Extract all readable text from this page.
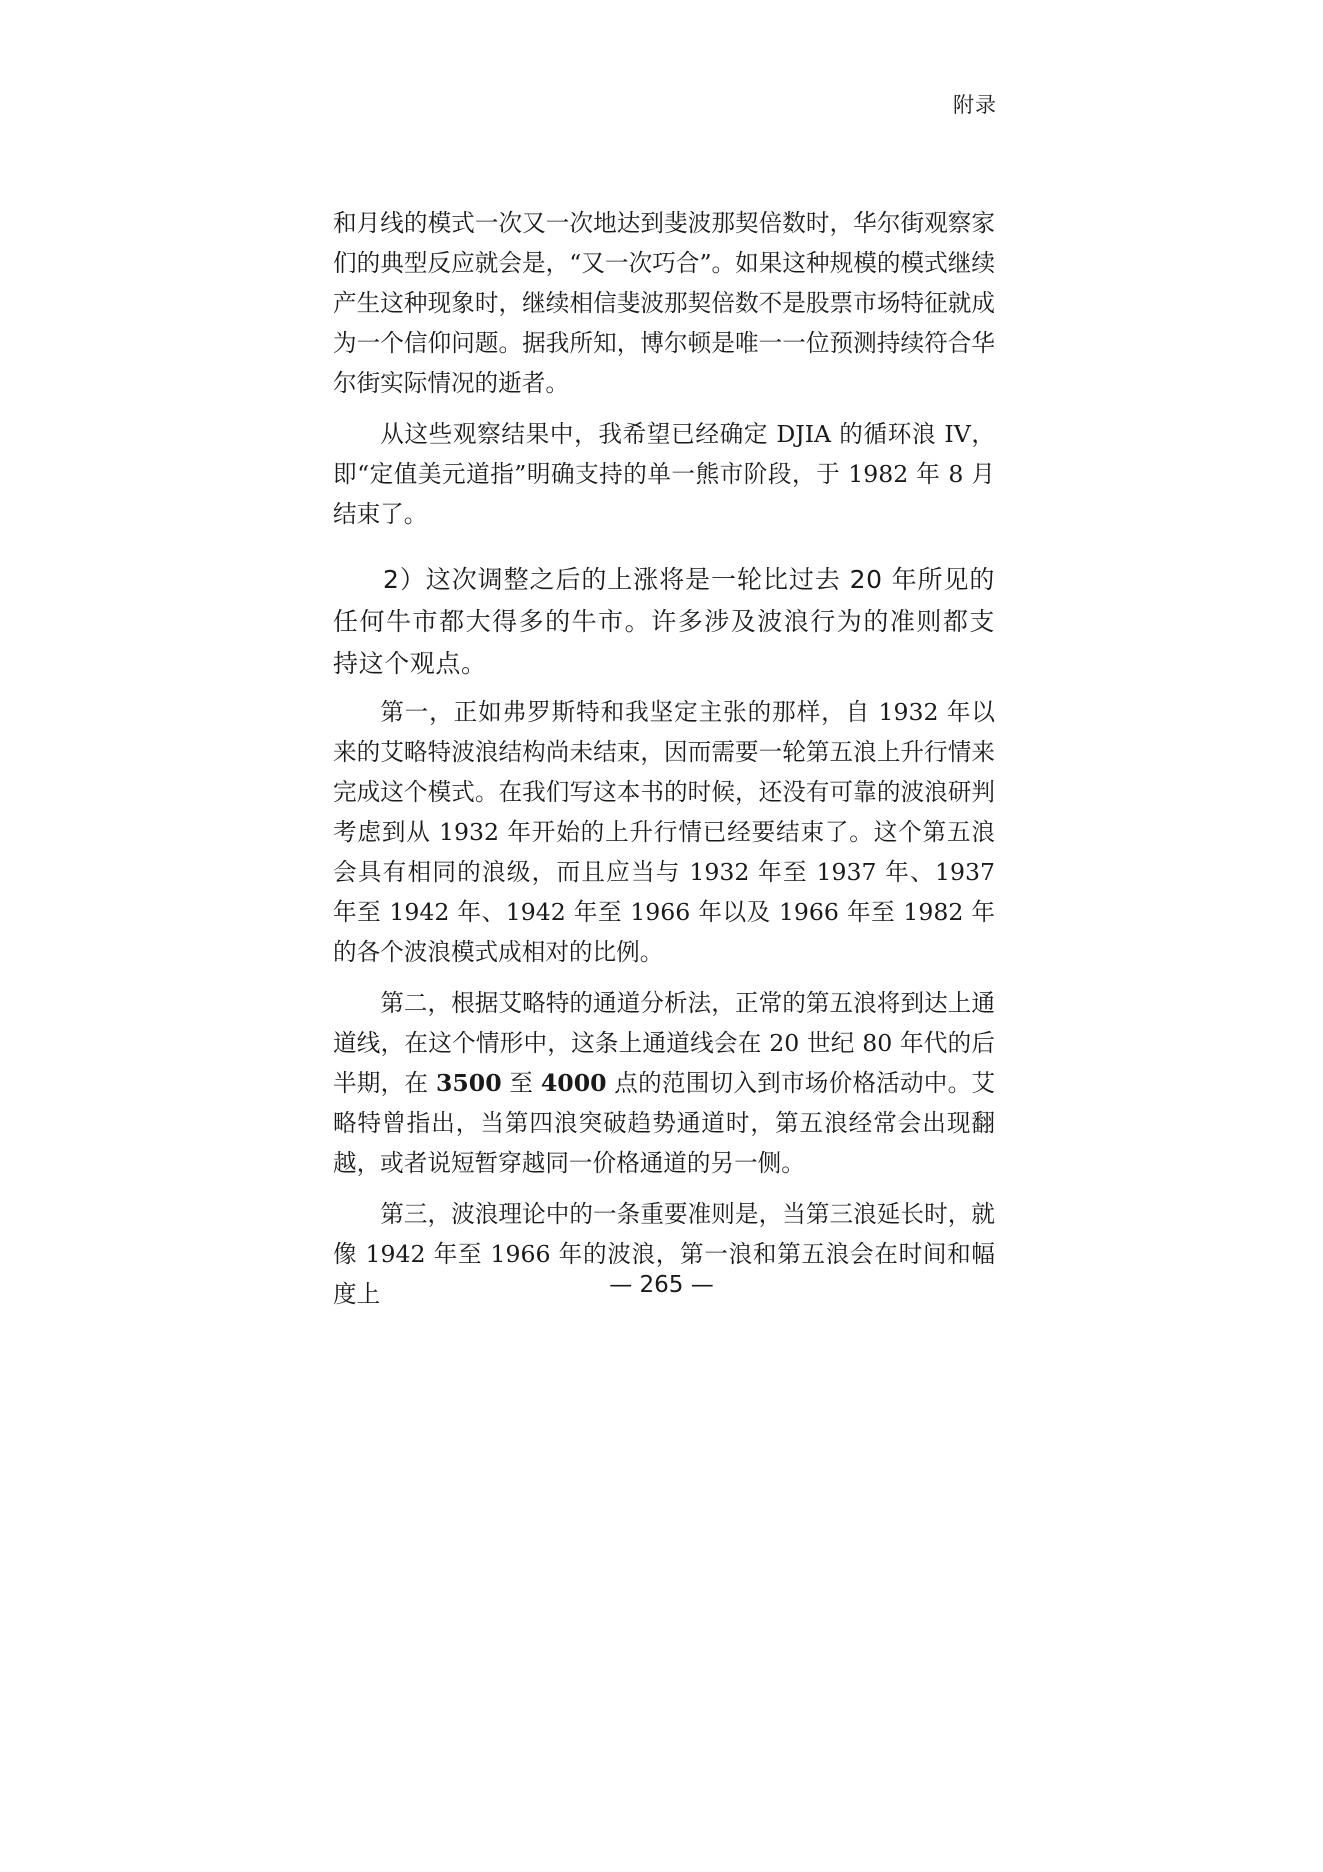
附录

和月线的模式一次又一次地达到斐波那契倍数时，华尔街观察家们的典型反应就会是，“又一次巧合”。如果这种规模的模式继续产生这种现象时，继续相信斐波那契倍数不是股票市场特征就成为一个信仰问题。据我所知，博尔顿是唯一一位预测持续符合华尔街实际情况的逝者。

从这些观察结果中，我希望已经确定 DJIA 的循环浪 IV，即“定值美元道指”明确支持的单一熊市阶段，于 1982 年 8 月结束了。

2）这次调整之后的上涨将是一轮比过去 20 年所见的任何牛市都大得多的牛市。许多涉及波浪行为的准则都支持这个观点。

第一，正如弗罗斯特和我坚定主张的那样，自 1932 年以来的艾略特波浪结构尚未结束，因而需要一轮第五浪上升行情来完成这个模式。在我们写这本书的时候，还没有可靠的波浪研判考虑到从 1932 年开始的上升行情已经要结束了。这个第五浪会具有相同的浪级，而且应当与 1932 年至 1937 年、1937 年至 1942 年、1942 年至 1966 年以及 1966 年至 1982 年的各个波浪模式成相对的比例。

第二，根据艾略特的通道分析法，正常的第五浪将到达上通道线，在这个情形中，这条上通道线会在 20 世纪 80 年代的后半期，在 3500 至 4000 点的范围切入到市场价格活动中。艾略特曾指出，当第四浪突破趋势通道时，第五浪经常会出现翻越，或者说短暂穿越同一价格通道的另一侧。

第三，波浪理论中的一条重要准则是，当第三浪延长时，就像 1942 年至 1966 年的波浪，第一浪和第五浪会在时间和幅度上	— 265 —
